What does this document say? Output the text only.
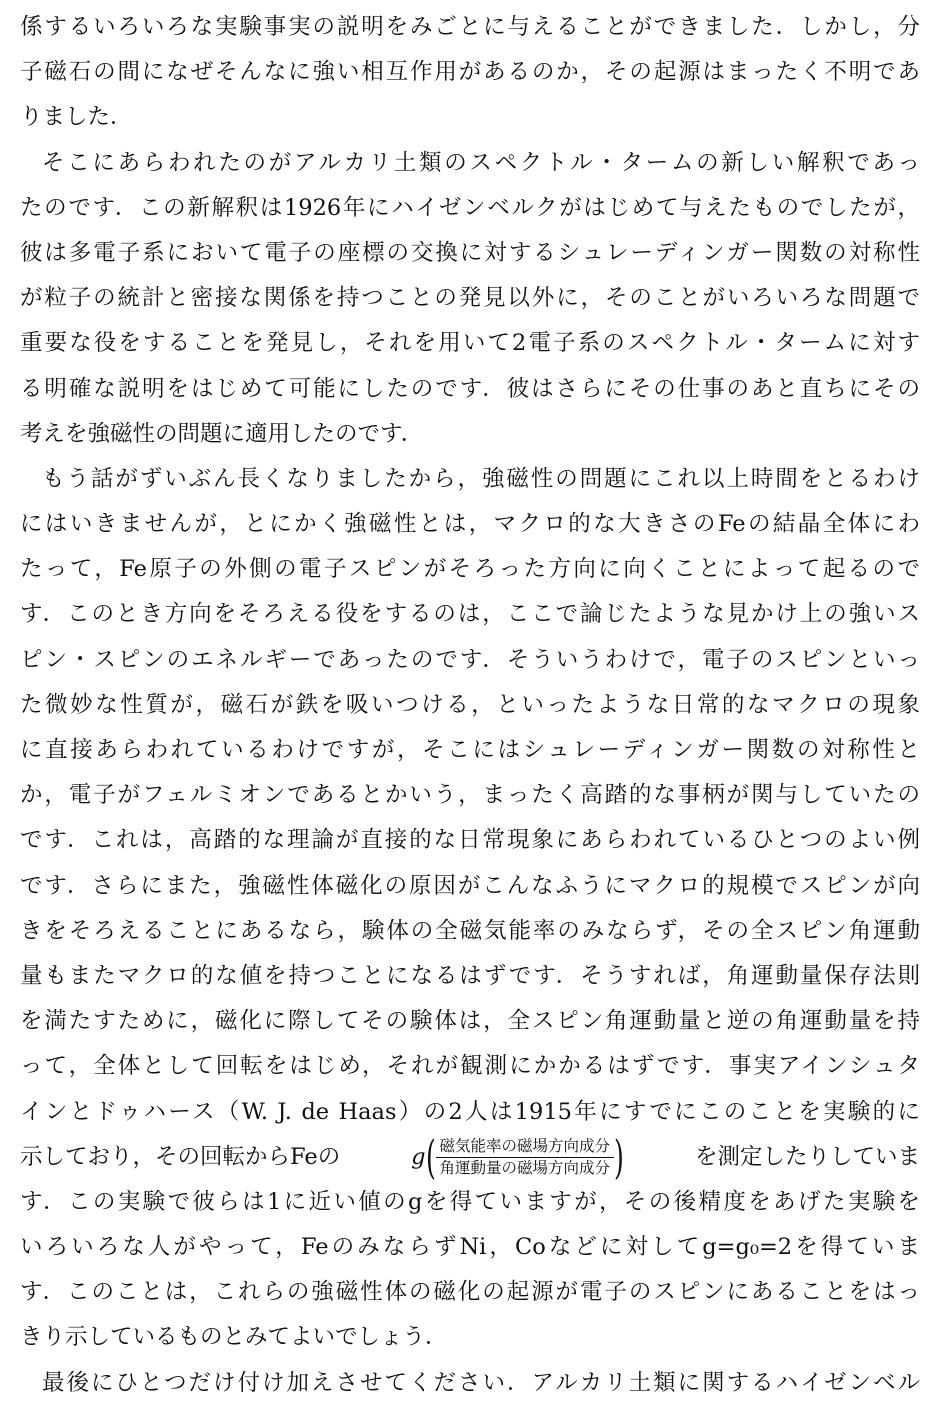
係するいろいろな実験事実の説明をみごとに与えることができました．しかし，分
子磁石の間になぜそんなに強い相互作用があるのか，その起源はまったく不明であ
りました．
そこにあらわれたのがアルカリ土類のスペクトル・タームの新しい解釈であっ
たのです．この新解釈は1926年にハイゼンベルクがはじめて与えたものでしたが，
彼は多電子系において電子の座標の交換に対するシュレーディンガー関数の対称性
が粒子の統計と密接な関係を持つことの発見以外に，そのことがいろいろな問題で
重要な役をすることを発見し，それを用いて2電子系のスペクトル・タームに対す
る明確な説明をはじめて可能にしたのです．彼はさらにその仕事のあと直ちにその
考えを強磁性の問題に適用したのです．
もう話がずいぶん長くなりましたから，強磁性の問題にこれ以上時間をとるわけ
にはいきませんが，とにかく強磁性とは，マクロ的な大きさのFeの結晶全体にわ
たって，Fe原子の外側の電子スピンがそろった方向に向くことによって起るので
す．このとき方向をそろえる役をするのは，ここで論じたような見かけ上の強いス
ピン・スピンのエネルギーであったのです．そういうわけで，電子のスピンといっ
た微妙な性質が，磁石が鉄を吸いつける，といったような日常的なマクロの現象
に直接あらわれているわけですが，そこにはシュレーディンガー関数の対称性と
か，電子がフェルミオンであるとかいう，まったく高踏的な事柄が関与していたの
です．これは，高踏的な理論が直接的な日常現象にあらわれているひとつのよい例
です．さらにまた，強磁性体磁化の原因がこんなふうにマクロ的規模でスピンが向
きをそろえることにあるなら，験体の全磁気能率のみならず，その全スピン角運動
量もまたマクロ的な値を持つことになるはずです．そうすれば，角運動量保存法則
を満たすために，磁化に際してその験体は，全スピン角運動量と逆の角運動量を持
って，全体として回転をはじめ，それが観測にかかるはずです．事実アインシュタ
インとドゥハース（W. J. de Haas）の2人は1915年にすでにこのことを実験的に
示しており，その回転からFeの	g ( $\frac{\text{磁気能率の磁場方向成分}}{\text{角運動量の磁場方向成分}}$ )	を測定したりしていま
す．この実験で彼らは1に近い値のgを得ていますが，その後精度をあげた実験を
いろいろな人がやって，FeのみならずNi，Coなどに対してg=g₀=2を得ていま
す．このことは，これらの強磁性体の磁化の起源が電子のスピンにあることをはっ
きり示しているものとみてよいでしょう．
最後にひとつだけ付け加えさせてください．アルカリ土類に関するハイゼンベル
